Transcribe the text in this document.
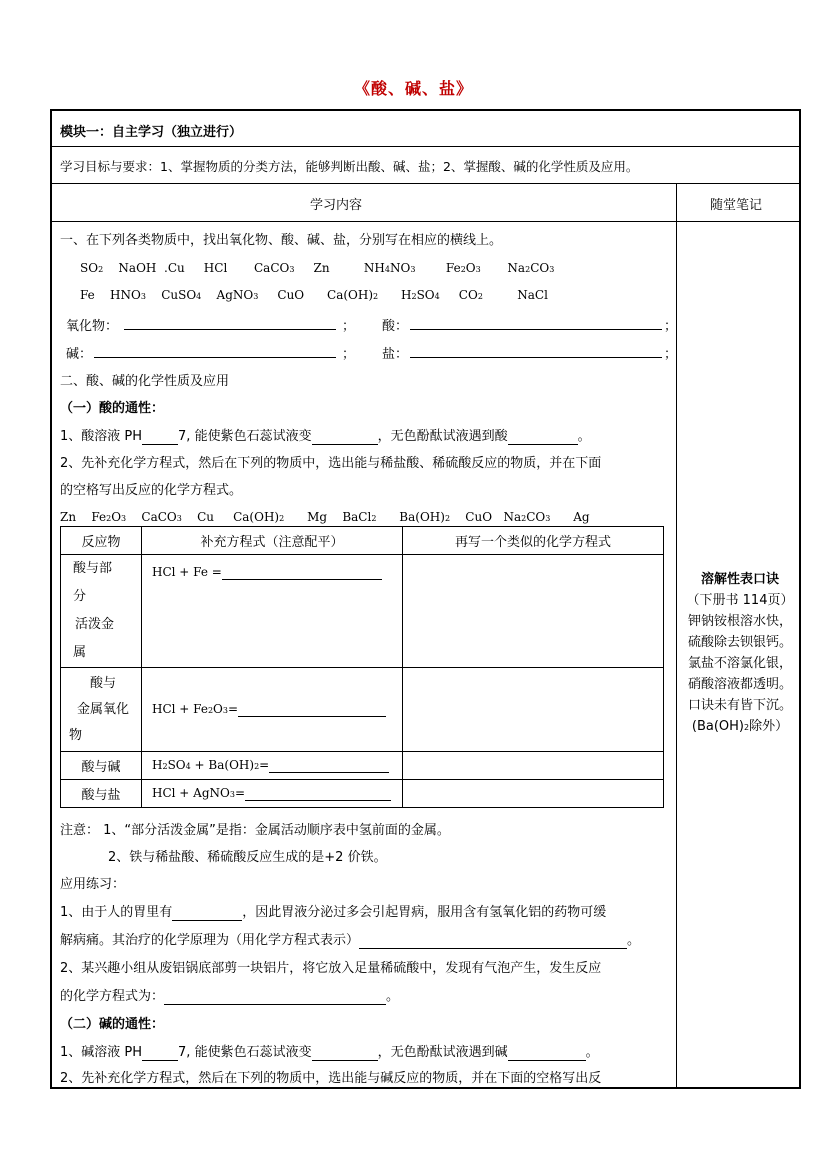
《酸、碱、盐》
模块一：自主学习（独立进行）
学习目标与要求：1、掌握物质的分类方法，能够判断出酸、碱、盐；2、掌握酸、碱的化学性质及应用。
学习内容	随堂笔记
一、在下列各类物质中，找出氧化物、酸、碱、盐，分别写在相应的横线上。
SO2    NaOH  .Cu     HCl       CaCO3     Zn         NH4NO3        Fe2O3       Na2CO3
Fe    HNO3    CuSO4    AgNO3     CuO      Ca(OH)2      H2SO4     CO2         NaCl
氧化物：	； 酸：	；
碱：	； 盐：	；
二、酸、碱的化学性质及应用
（一）酸的通性：
1、酸溶液 PH	7, 能使紫色石蕊试液变	，无色酚酞试液遇到酸	。
2、先补充化学方程式，然后在下列的物质中，选出能与稀盐酸、稀硫酸反应的物质，并在下面
的空格写出反应的化学方程式。
Zn    Fe2O3    CaCO3    Cu     Ca(OH)2      Mg    BaCl2      Ba(OH)2    CuO   Na2CO3      Ag
反应物	补充方程式（注意配平）	再写一个类似的化学方程式

酸与部
分
活泼金
属	HCl + Fe =	

酸与
金属氧化
物	HCl + Fe2O3=	
酸与碱	H2SO4 + Ba(OH)2=	
酸与盐	HCl + AgNO3=	
注意： 1、“部分活泼金属”是指：金属活动顺序表中氢前面的金属。
2、铁与稀盐酸、稀硫酸反应生成的是+2 价铁。
应用练习：
1、由于人的胃里有	，因此胃液分泌过多会引起胃病，服用含有氢氧化铝的药物可缓
解病痛。其治疗的化学原理为（用化学方程式表示）	。
2、某兴趣小组从废铝锅底部剪一块铝片，将它放入足量稀硫酸中，发现有气泡产生，发生反应
的化学方程式为：	。
（二）碱的通性：
1、碱溶液 PH	7, 能使紫色石蕊试液变	，无色酚酞试液遇到碱	。
2、先补充化学方程式，然后在下列的物质中，选出能与碱反应的物质，并在下面的空格写出反
溶解性表口诀
（下册书 114页）
钾钠铵根溶水快，
硫酸除去钡银钙。
氯盐不溶氯化银，
硝酸溶液都透明。
口诀未有皆下沉。
(Ba(OH)2除外）
